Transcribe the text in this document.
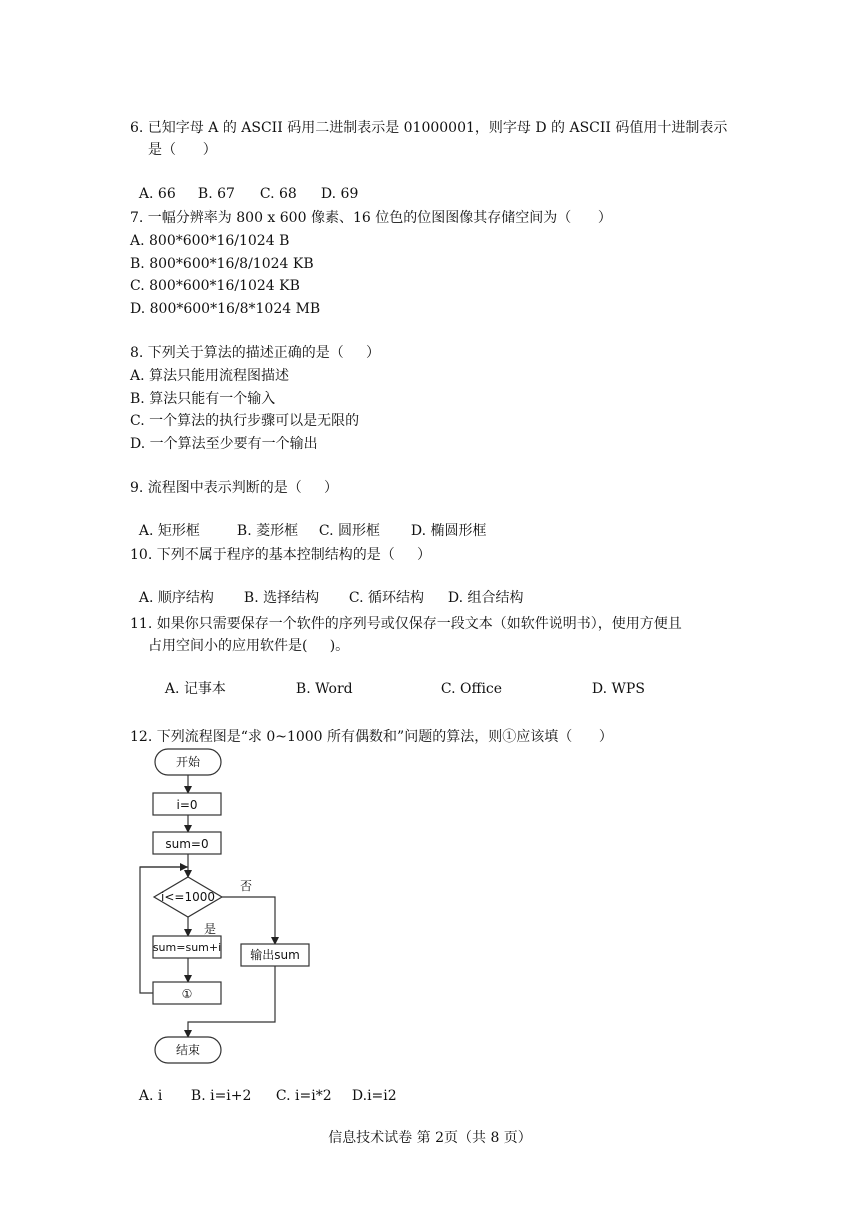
6. 已知字母 A 的 ASCII 码用二进制表示是 01000001，则字母 D 的 ASCII 码值用十进制表示

是（      ）

A. 66 B. 67 C. 68 D. 69

7. 一幅分辨率为 800 x 600 像素、16 位色的位图图像其存储空间为（      ）

A. 800*600*16/1024 B

B. 800*600*16/8/1024 KB

C. 800*600*16/1024 KB

D. 800*600*16/8*1024 MB

8. 下列关于算法的描述正确的是（     ）

A. 算法只能用流程图描述

B. 算法只能有一个输入

C. 一个算法的执行步骤可以是无限的

D. 一个算法至少要有一个输出

9. 流程图中表示判断的是（     ）

A. 矩形框	B. 菱形框 C. 圆形框 D. 椭圆形框

10. 下列不属于程序的基本控制结构的是（     ）

A. 顺序结构 B. 选择结构 C. 循环结构 D. 组合结构

11. 如果你只需要保存一个软件的序列号或仅保存一段文本（如软件说明书），使用方便且

占用空间小的应用软件是(     )。

A. 记事本	B. Word	C. Office	D. WPS

12. 下列流程图是“求 0~1000 所有偶数和”问题的算法，则①应该填（      ）

开始
i=0
sum=0
i<=1000
否
是
sum=sum+i
①
输出sum
结束

A. i B. i=i+2 C. i=i*2 D.i=i2

信息技术试卷 第 2页（共 8 页）
